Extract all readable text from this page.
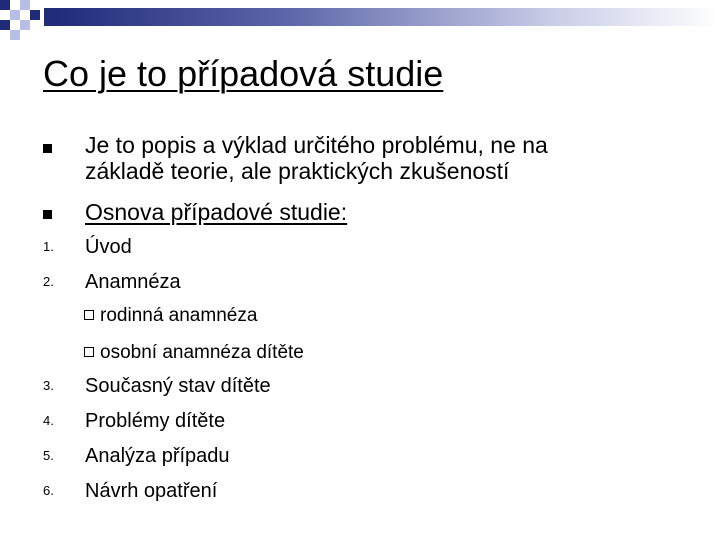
Co je to případová studie
Je to popis a výklad určitého problému, ne na
základě teorie, ale praktických zkušeností
Osnova případové studie:
1.	Úvod
2.	Anamnéza
rodinná anamnéza
osobní anamnéza dítěte
3.	Současný stav dítěte
4.	Problémy dítěte
5.	Analýza případu
6.	Návrh opatření
